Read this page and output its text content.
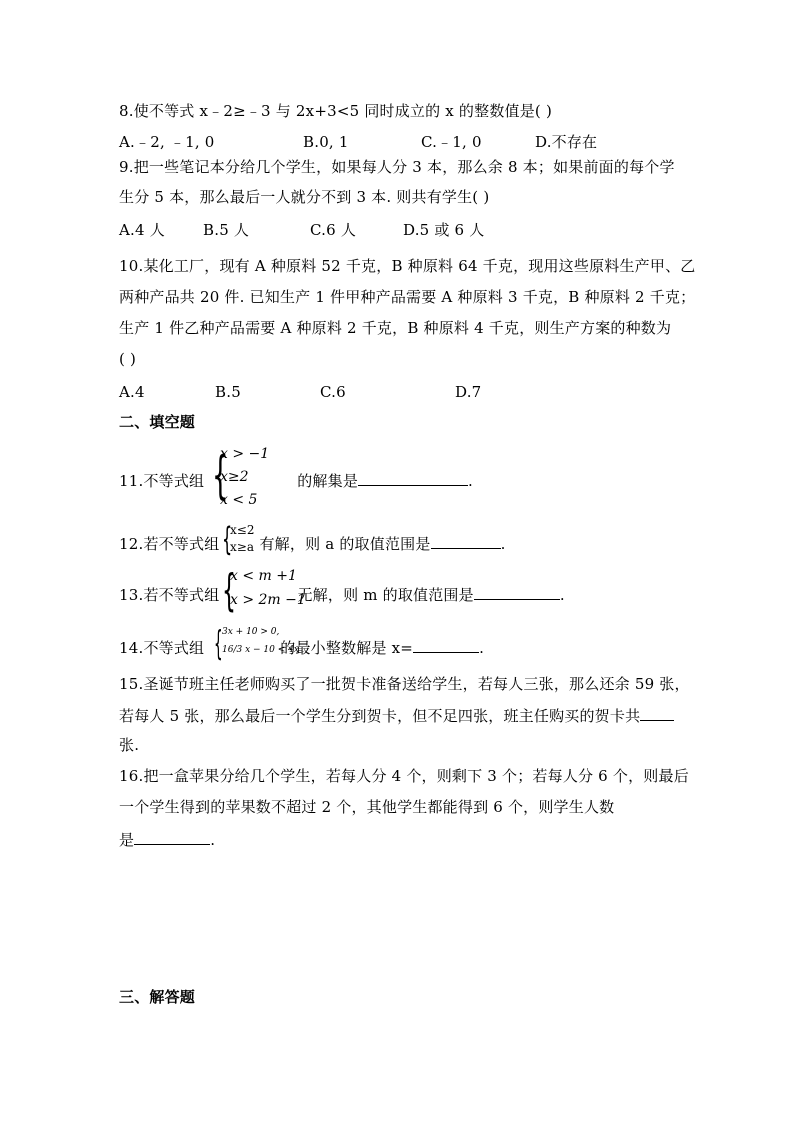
8.使不等式 x﹣2≥﹣3 与 2x+3<5 同时成立的 x 的整数值是( )
A.﹣2, ﹣1, 0	B.0, 1	C.﹣1, 0	D.不存在
9.把一些笔记本分给几个学生，如果每人分 3 本，那么余 8 本；如果前面的每个学
生分 5 本，那么最后一人就分不到 3 本. 则共有学生( )
A.4 人	B.5 人	C.6 人	D.5 或 6 人
10.某化工厂，现有 A 种原料 52 千克，B 种原料 64 千克，现用这些原料生产甲、乙
两种产品共 20 件. 已知生产 1 件甲种产品需要 A 种原料 3 千克，B 种原料 2 千克；
生产 1 件乙种产品需要 A 种原料 2 千克，B 种原料 4 千克，则生产方案的种数为
( )
A.4	B.5	C.6	D.7
二、填空题
11.不等式组	的解集是	.
{
x > −1
x≥2
x < 5
12.若不等式组	有解，则 a 的取值范围是	.
{
x≤2
x≥a
13.若不等式组	无解，则 m 的取值范围是	.
{
x < m +1
x > 2m −1
14.不等式组	的最小整数解是 x=	.
{ 3x + 10 > 0,
16/3 x − 10 < 4x
15.圣诞节班主任老师购买了一批贺卡准备送给学生，若每人三张，那么还余 59 张，
若每人 5 张，那么最后一个学生分到贺卡，但不足四张，班主任购买的贺卡共
张.
16.把一盒苹果分给几个学生，若每人分 4 个，则剩下 3 个；若每人分 6 个，则最后
一个学生得到的苹果数不超过 2 个，其他学生都能得到 6 个，则学生人数
是	.
三、解答题
